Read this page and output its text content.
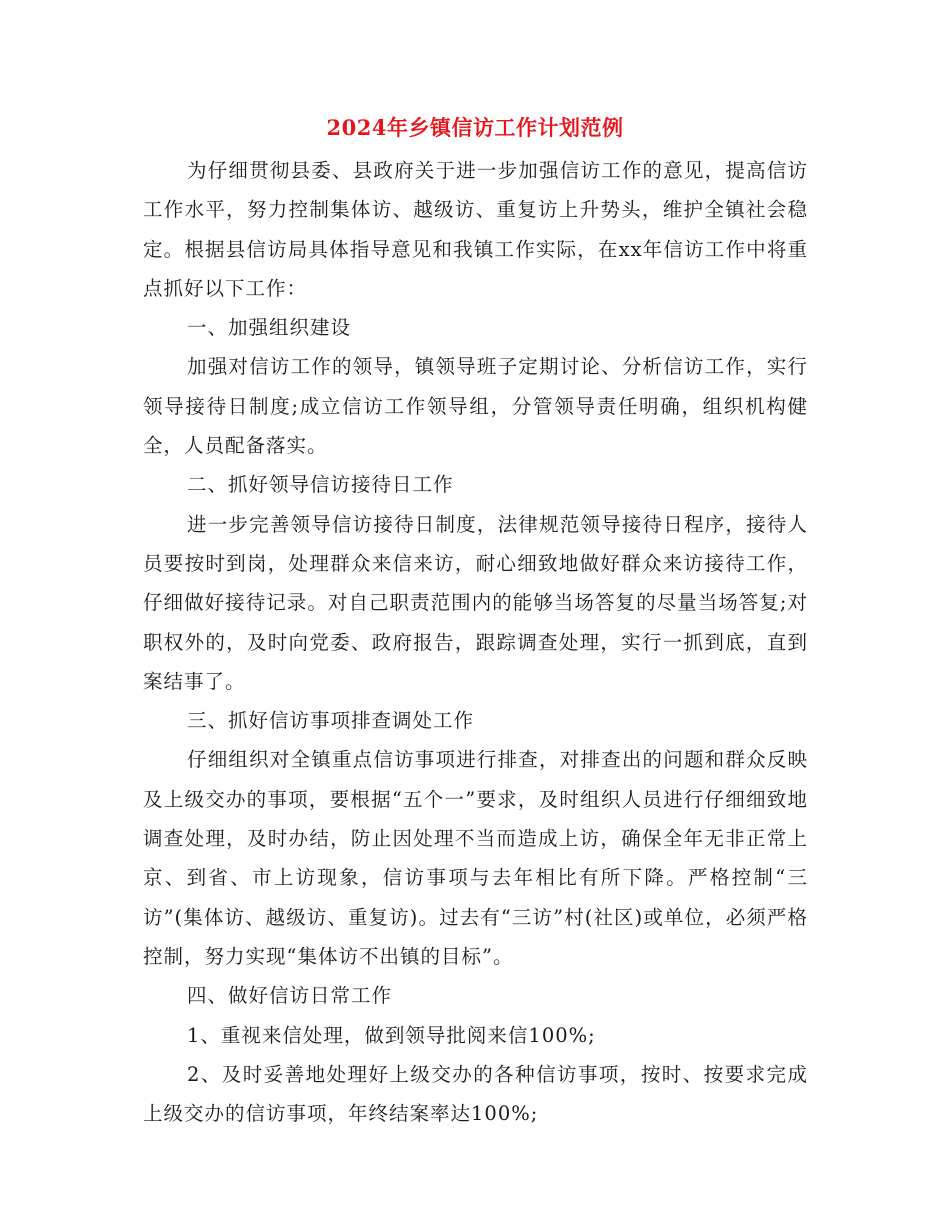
2024年乡镇信访工作计划范例

为仔细贯彻县委、县政府关于进一步加强信访工作的意见，提高信访工作水平，努力控制集体访、越级访、重复访上升势头，维护全镇社会稳定。根据县信访局具体指导意见和我镇工作实际，在xx年信访工作中将重点抓好以下工作：

一、加强组织建设

加强对信访工作的领导，镇领导班子定期讨论、分析信访工作，实行领导接待日制度;成立信访工作领导组，分管领导责任明确，组织机构健全，人员配备落实。

二、抓好领导信访接待日工作

进一步完善领导信访接待日制度，法律规范领导接待日程序，接待人员要按时到岗，处理群众来信来访，耐心细致地做好群众来访接待工作，仔细做好接待记录。对自己职责范围内的能够当场答复的尽量当场答复;对职权外的，及时向党委、政府报告，跟踪调查处理，实行一抓到底，直到案结事了。

三、抓好信访事项排查调处工作

仔细组织对全镇重点信访事项进行排查，对排查出的问题和群众反映及上级交办的事项，要根据“五个一”要求，及时组织人员进行仔细细致地调查处理，及时办结，防止因处理不当而造成上访，确保全年无非正常上京、到省、市上访现象，信访事项与去年相比有所下降。严格控制“三访”(集体访、越级访、重复访)。过去有“三访”村(社区)或单位，必须严格控制，努力实现“集体访不出镇的目标”。

四、做好信访日常工作

1、重视来信处理，做到领导批阅来信100%;

2、及时妥善地处理好上级交办的各种信访事项，按时、按要求完成上级交办的信访事项，年终结案率达100%;
